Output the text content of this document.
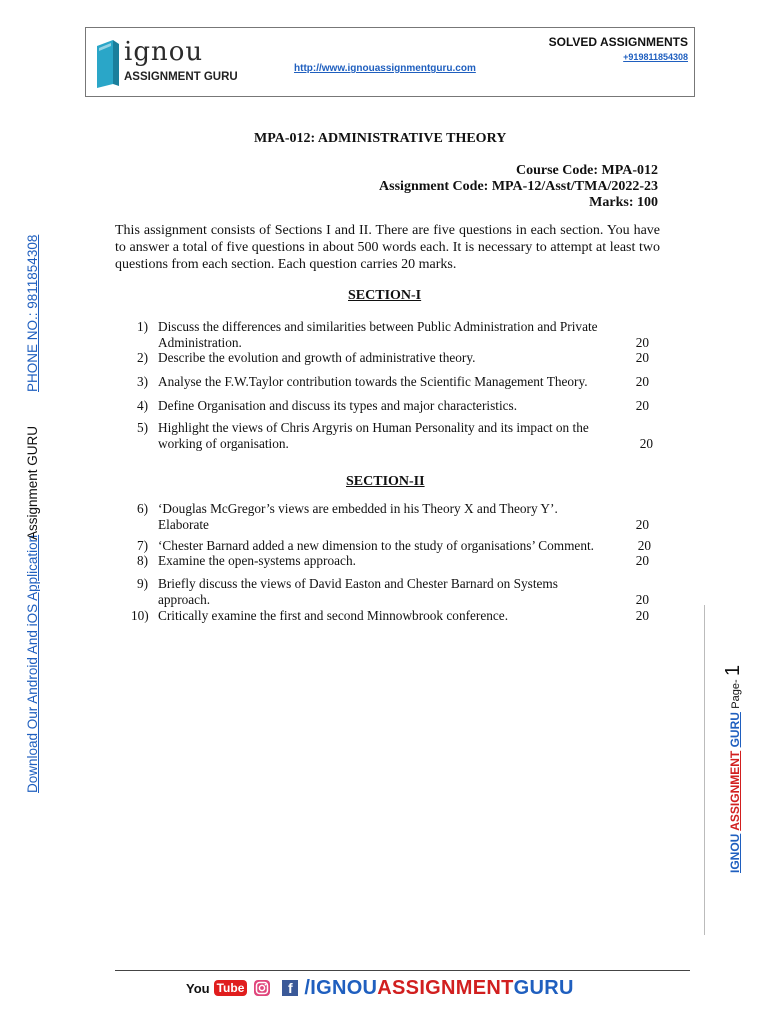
ignou
ASSIGNMENT GURU
http://www.ignouassignmentguru.com
SOLVED ASSIGNMENTS
+919811854308
MPA-012: ADMINISTRATIVE THEORY
Course Code: MPA-012
Assignment Code: MPA-12/Asst/TMA/2022-23
Marks: 100
This assignment consists of Sections I and II. There are five questions in each section. You have to answer a total of five questions in about 500 words each. It is necessary to attempt at least two questions from each section. Each question carries 20 marks.
SECTION-I
1) Discuss the differences and similarities between Public Administration and Private Administration.	20
2) Describe the evolution and growth of administrative theory.	20
3) Analyse the F.W.Taylor contribution towards the Scientific Management Theory.	20
4) Define Organisation and discuss its types and major characteristics.	20
5) Highlight the views of Chris Argyris on Human Personality and its impact on the working of organisation.	20
SECTION-II
6) ‘Douglas McGregor’s views are embedded in his Theory X and Theory Y’. Elaborate	20
7) ‘Chester Barnard added a new dimension to the study of organisations’ Comment.	20
8) Examine the open-systems approach.	20
9) Briefly discuss the views of David Easton and Chester Barnard on Systems approach.	20
10) Critically examine the first and second Minnowbrook conference.	20
Download Our Android And iOS Application
Assignment GURU
PHONE NO.: 9811854308
IGNOU ASSIGNMENT GURU Page- 1
You Tube	f /IGNOUASSIGNMENTGURU
